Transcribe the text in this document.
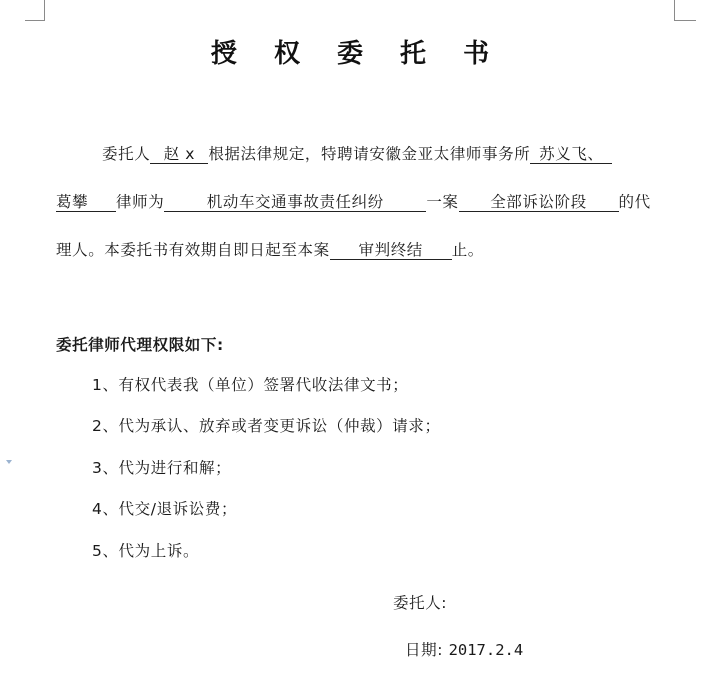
授 权 委 托 书
委托人 赵 x 根据法律规定，特聘请安徽金亚太律师事务所 苏义飞、
葛攀 律师为	机动车交通事故责任纠纷	一案 全部诉讼阶段 的代
理人。本委托书有效期自即日起至本案 审判终结 止。
委托律师代理权限如下:
1、有权代表我（单位）签署代收法律文书；
2、代为承认、放弃或者变更诉讼（仲裁）请求；
3、代为进行和解；
4、代交/退诉讼费；
5、代为上诉。
委托人:
日期: 2017.2.4
